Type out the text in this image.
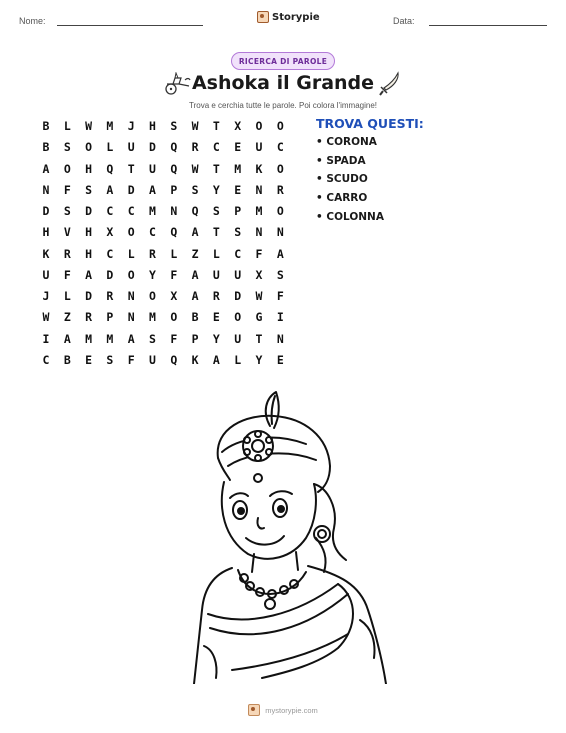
Nome:	Storypie	Data:
RICERCA DI PAROLE
Ashoka il Grande
Trova e cerchia tutte le parole. Poi colora l'immagine!
B	L	W	M	J	H	S	W	T	X	O	O
B	S	O	L	U	D	Q	R	C	E	U	C
A	O	H	Q	T	U	Q	W	T	M	K	O
N	F	S	A	D	A	P	S	Y	E	N	R
D	S	D	C	C	M	N	Q	S	P	M	O
H	V	H	X	O	C	Q	A	T	S	N	N
K	R	H	C	L	R	L	Z	L	C	F	A
U	F	A	D	O	Y	F	A	U	U	X	S
J	L	D	R	N	O	X	A	R	D	W	F
W	Z	R	P	N	M	O	B	E	O	G	I
I	A	M	M	A	S	F	P	Y	U	T	N
C	B	E	S	F	U	Q	K	A	L	Y	E
TROVA QUESTI:
• CORONA
• SPADA
• SCUDO
• CARRO
• COLONNA
mystorypie.com
